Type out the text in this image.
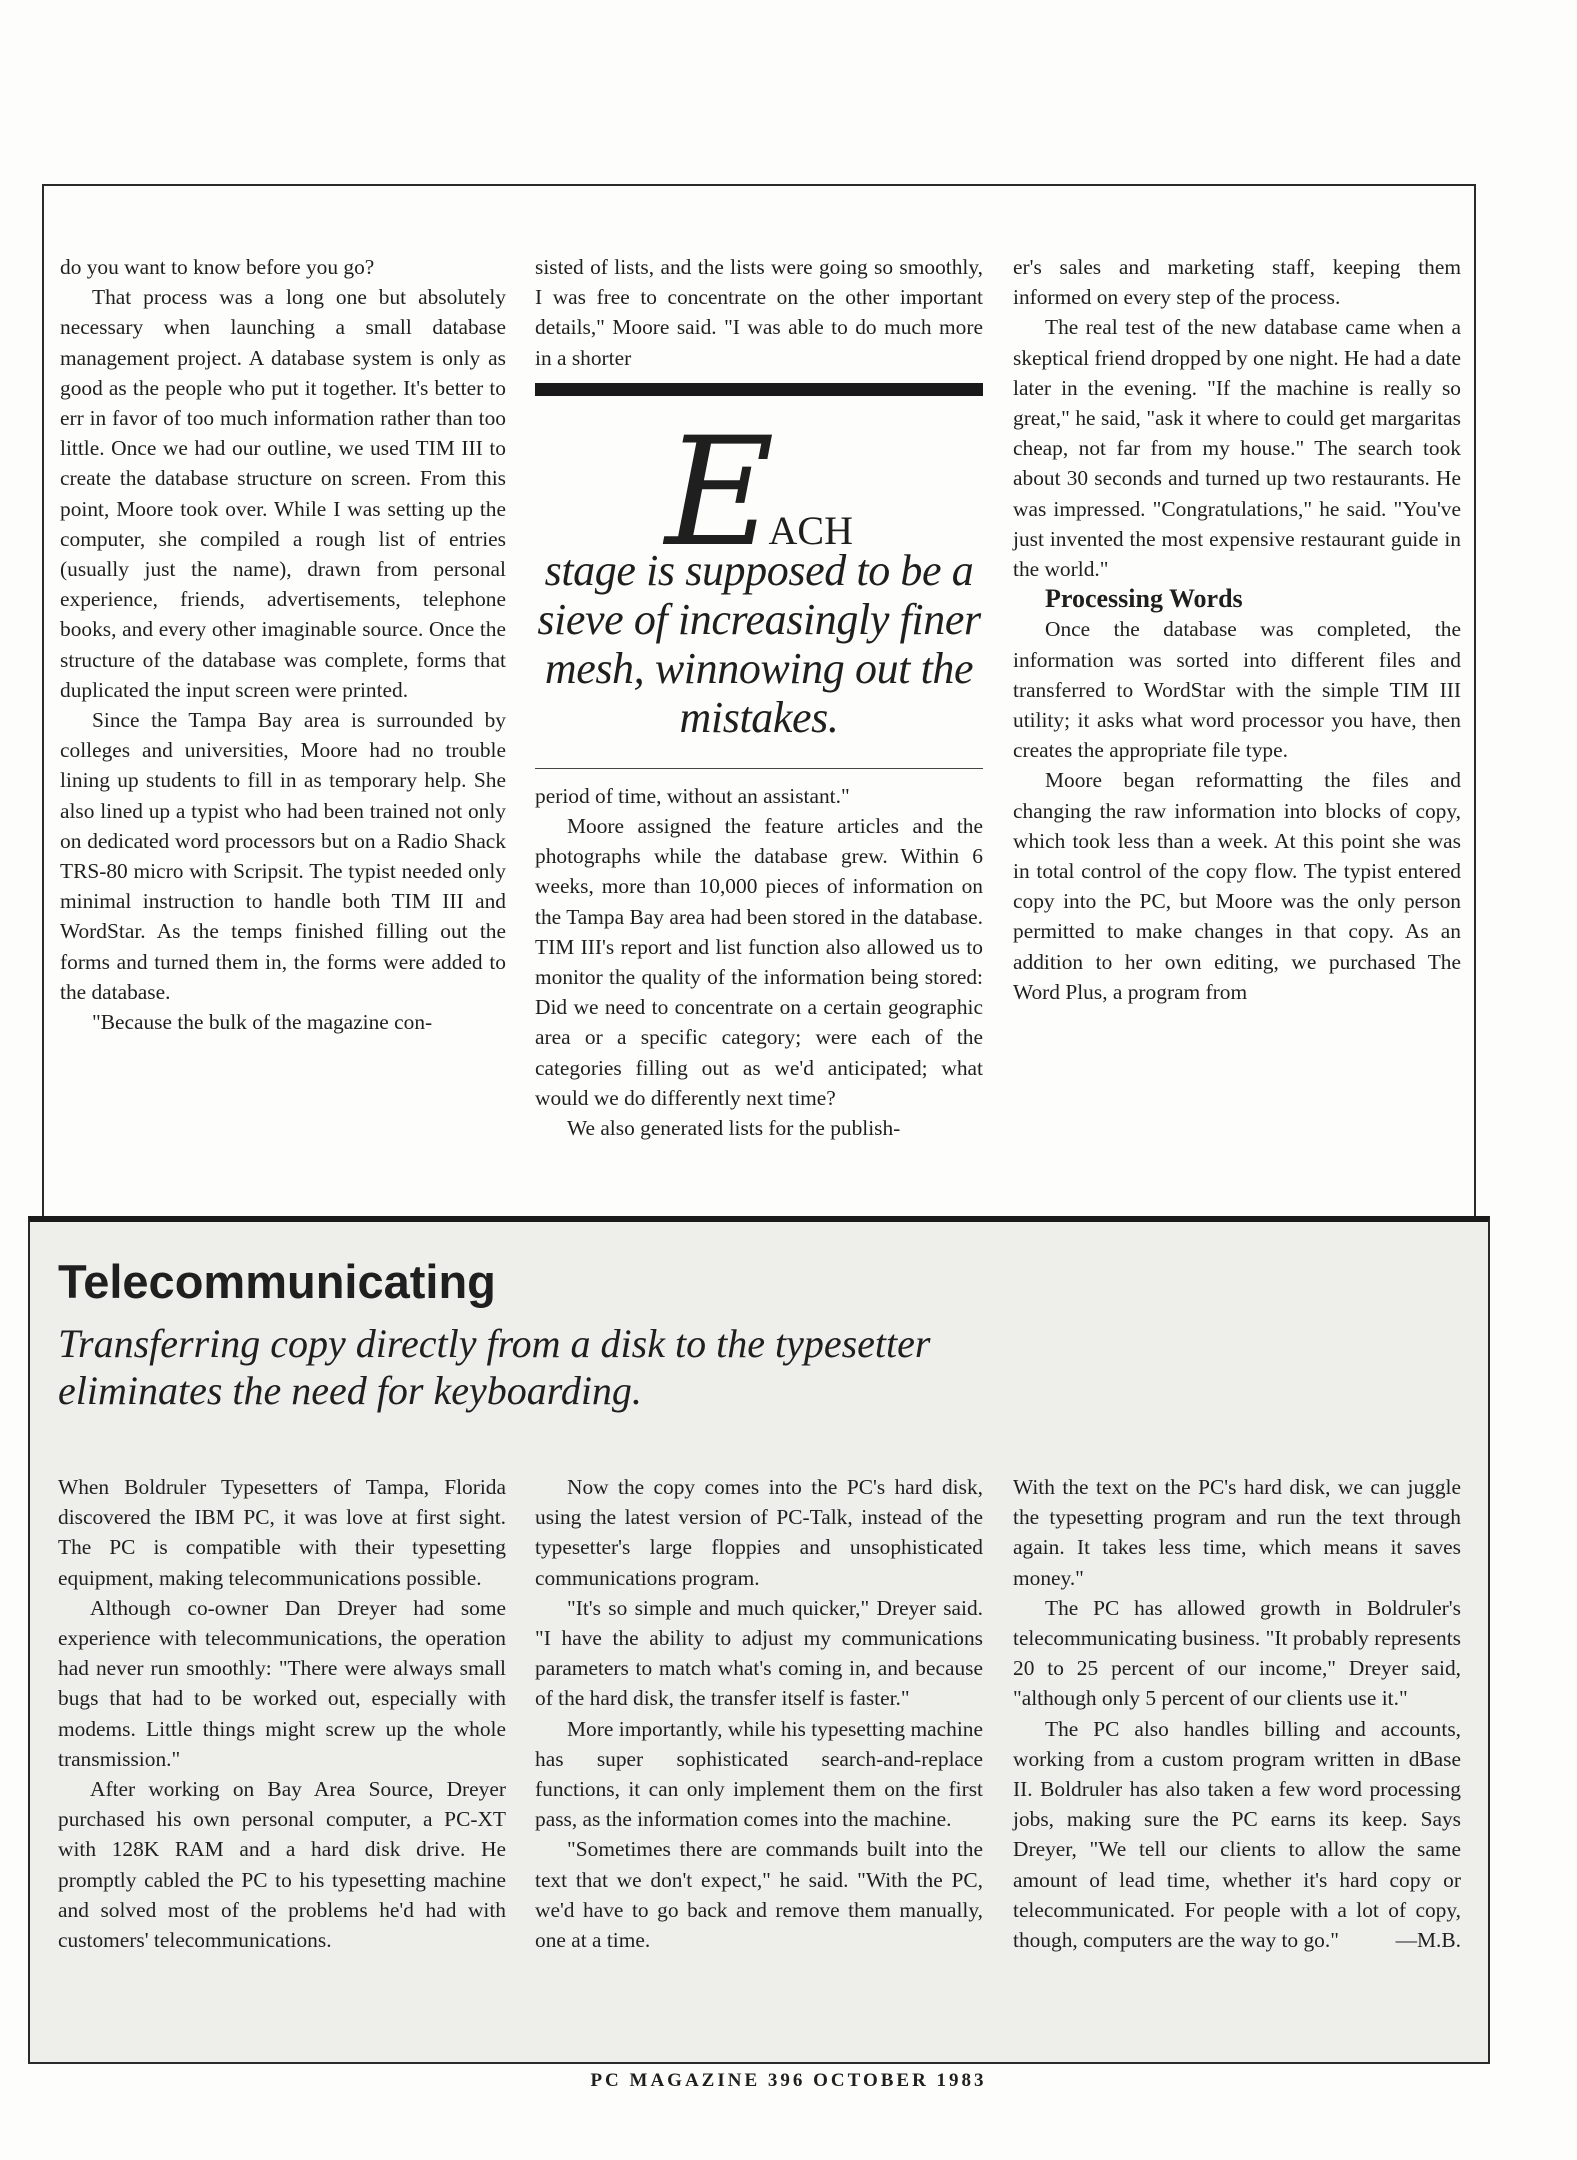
do you want to know before you go?

That process was a long one but absolutely necessary when launching a small database management project. A database system is only as good as the people who put it together. It's better to err in favor of too much information rather than too little. Once we had our outline, we used TIM III to create the database structure on screen. From this point, Moore took over. While I was setting up the computer, she compiled a rough list of entries (usually just the name), drawn from personal experience, friends, advertisements, telephone books, and every other imaginable source. Once the structure of the database was complete, forms that duplicated the input screen were printed.

Since the Tampa Bay area is surrounded by colleges and universities, Moore had no trouble lining up students to fill in as temporary help. She also lined up a typist who had been trained not only on dedicated word processors but on a Radio Shack TRS-80 micro with Scripsit. The typist needed only minimal instruction to handle both TIM III and WordStar. As the temps finished filling out the forms and turned them in, the forms were added to the database.

"Because the bulk of the magazine con-

sisted of lists, and the lists were going so smoothly, I was free to concentrate on the other important details," Moore said. "I was able to do much more in a shorter

EACH
stage is supposed to be a sieve of increasingly finer mesh, winnowing out the mistakes.

period of time, without an assistant."

Moore assigned the feature articles and the photographs while the database grew. Within 6 weeks, more than 10,000 pieces of information on the Tampa Bay area had been stored in the database. TIM III's report and list function also allowed us to monitor the quality of the information being stored: Did we need to concentrate on a certain geographic area or a specific category; were each of the categories filling out as we'd anticipated; what would we do differently next time?

We also generated lists for the publish-

er's sales and marketing staff, keeping them informed on every step of the process.

The real test of the new database came when a skeptical friend dropped by one night. He had a date later in the evening. "If the machine is really so great," he said, "ask it where to could get margaritas cheap, not far from my house." The search took about 30 seconds and turned up two restaurants. He was impressed. "Congratulations," he said. "You've just invented the most expensive restaurant guide in the world."

Processing Words

Once the database was completed, the information was sorted into different files and transferred to WordStar with the simple TIM III utility; it asks what word processor you have, then creates the appropriate file type.

Moore began reformatting the files and changing the raw information into blocks of copy, which took less than a week. At this point she was in total control of the copy flow. The typist entered copy into the PC, but Moore was the only person permitted to make changes in that copy. As an addition to her own editing, we purchased The Word Plus, a program from

Telecommunicating
Transferring copy directly from a disk to the typesetter eliminates the need for keyboarding.

When Boldruler Typesetters of Tampa, Florida discovered the IBM PC, it was love at first sight. The PC is compatible with their typesetting equipment, making telecommunications possible.

Although co-owner Dan Dreyer had some experience with telecommunications, the operation had never run smoothly: "There were always small bugs that had to be worked out, especially with modems. Little things might screw up the whole transmission."

After working on Bay Area Source, Dreyer purchased his own personal computer, a PC-XT with 128K RAM and a hard disk drive. He promptly cabled the PC to his typesetting machine and solved most of the problems he'd had with customers' telecommunications.

Now the copy comes into the PC's hard disk, using the latest version of PC-Talk, instead of the typesetter's large floppies and unsophisticated communications program.

"It's so simple and much quicker," Dreyer said. "I have the ability to adjust my communications parameters to match what's coming in, and because of the hard disk, the transfer itself is faster."

More importantly, while his typesetting machine has super sophisticated search-and-replace functions, it can only implement them on the first pass, as the information comes into the machine.

"Sometimes there are commands built into the text that we don't expect," he said. "With the PC, we'd have to go back and remove them manually, one at a time.

With the text on the PC's hard disk, we can juggle the typesetting program and run the text through again. It takes less time, which means it saves money."

The PC has allowed growth in Boldruler's telecommunicating business. "It probably represents 20 to 25 percent of our income," Dreyer said, "although only 5 percent of our clients use it."

The PC also handles billing and accounts, working from a custom program written in dBase II. Boldruler has also taken a few word processing jobs, making sure the PC earns its keep. Says Dreyer, "We tell our clients to allow the same amount of lead time, whether it's hard copy or telecommunicated. For people with a lot of copy, though, computers are the way to go."	—M.B.

PC MAGAZINE 396 OCTOBER 1983
